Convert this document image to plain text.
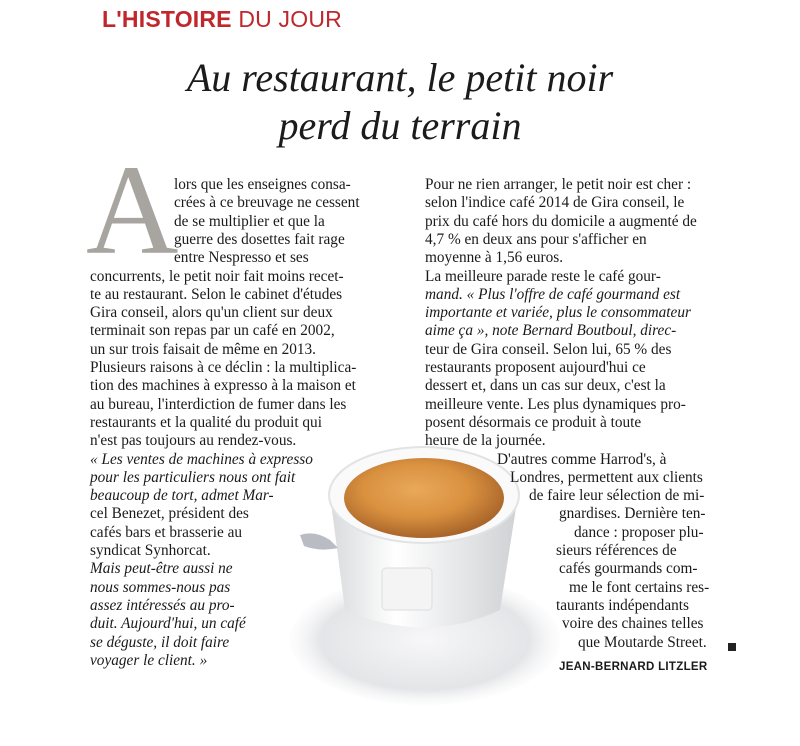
L'HISTOIRE DU JOUR
Au restaurant, le petit noir
perd du terrain
A
lors que les enseignes consa-
crées à ce breuvage ne cessent
de se multiplier et que la
guerre des dosettes fait rage
entre Nespresso et ses
concurrents, le petit noir fait moins recet-
te au restaurant. Selon le cabinet d'études
Gira conseil, alors qu'un client sur deux
terminait son repas par un café en 2002,
un sur trois faisait de même en 2013.
Plusieurs raisons à ce déclin : la multiplica-
tion des machines à expresso à la maison et
au bureau, l'interdiction de fumer dans les
restaurants et la qualité du produit qui
n'est pas toujours au rendez-vous.
« Les ventes de machines à expresso
pour les particuliers nous ont fait
beaucoup de tort, admet Mar-
cel Benezet, président des
cafés bars et brasserie au
syndicat Synhorcat.
Mais peut-être aussi ne
nous sommes-nous pas
assez intéressés au pro-
duit. Aujourd'hui, un café
se déguste, il doit faire
voyager le client. »
Pour ne rien arranger, le petit noir est cher :
selon l'indice café 2014 de Gira conseil, le
prix du café hors du domicile a augmenté de
4,7 % en deux ans pour s'afficher en
moyenne à 1,56 euros.
La meilleure parade reste le café gour-
mand. « Plus l'offre de café gourmand est
importante et variée, plus le consommateur
aime ça », note Bernard Boutboul, direc-
teur de Gira conseil. Selon lui, 65 % des
restaurants proposent aujourd'hui ce
dessert et, dans un cas sur deux, c'est la
meilleure vente. Les plus dynamiques pro-
posent désormais ce produit à toute
heure de la journée.
D'autres comme Harrod's, à
Londres, permettent aux clients
de faire leur sélection de mi-
gnardises. Dernière ten-
dance : proposer plu-
sieurs références de
cafés gourmands com-
me le font certains res-
taurants indépendants
voire des chaines telles
que Moutarde Street.
JEAN-BERNARD LITZLER
